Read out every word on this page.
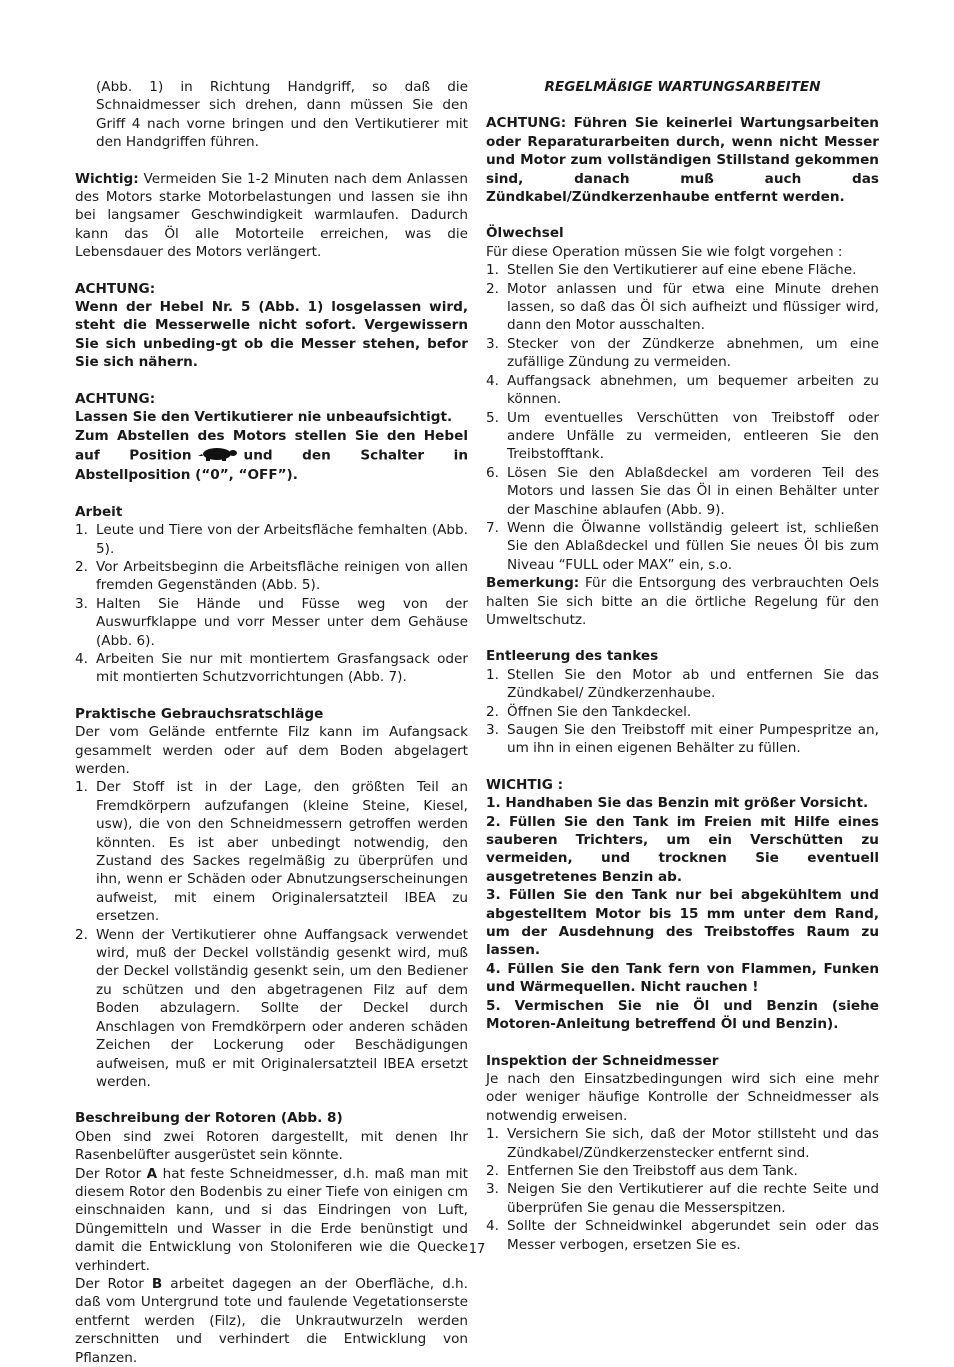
(Abb. 1) in Richtung Handgriff, so daß die Schnaidmesser sich drehen, dann müssen Sie den Griff 4 nach vorne bringen und den Vertikutierer mit den Handgriffen führen.

Wichtig: Vermeiden Sie 1-2 Minuten nach dem Anlassen des Motors starke Motorbelastungen und lassen sie ihn bei langsamer Geschwindigkeit warmlaufen. Dadurch kann das Öl alle Motorteile erreichen, was die Lebensdauer des Motors verlängert.

ACHTUNG:

Wenn der Hebel Nr. 5 (Abb. 1) losgelassen wird, steht die Messerwelle nicht sofort. Vergewissern Sie sich unbeding-gt ob die Messer stehen, befor Sie sich nähern.

ACHTUNG:

Lassen Sie den Vertikutierer nie unbeaufsichtigt.

Zum Abstellen des Motors stellen Sie den Hebel auf Position	und den Schalter in Abstellposition (“0”, “OFF”).

Arbeit

1. Leute und Tiere von der Arbeitsfläche femhalten (Abb. 5).
2. Vor Arbeitsbeginn die Arbeitsfläche reinigen von allen fremden Gegenständen (Abb. 5).
3. Halten Sie Hände und Füsse weg von der Auswurfklappe und vorr Messer unter dem Gehäuse (Abb. 6).
4. Arbeiten Sie nur mit montiertem Grasfangsack oder mit montierten Schutzvorrichtungen (Abb. 7).

Praktische Gebrauchsratschläge

Der vom Gelände entfernte Filz kann im Aufangsack gesammelt werden oder auf dem Boden abgelagert werden.

1. Der Stoff ist in der Lage, den größten Teil an Fremdkörpern aufzufangen (kleine Steine, Kiesel, usw), die von den Schneidmessern getroffen werden könnten. Es ist aber unbedingt notwendig, den Zustand des Sackes regelmäßig zu überprüfen und ihn, wenn er Schäden oder Abnutzungserscheinungen aufweist, mit einem Originalersatzteil IBEA zu ersetzen.
2. Wenn der Vertikutierer ohne Auffangsack verwendet wird, muß der Deckel vollständig gesenkt wird, muß der Deckel vollständig gesenkt sein, um den Bediener zu schützen und den abgetragenen Filz auf dem Boden abzulagern. Sollte der Deckel durch Anschlagen von Fremdkörpern oder anderen schäden Zeichen der Lockerung oder Beschädigungen aufweisen, muß er mit Originalersatzteil IBEA ersetzt werden.

Beschreibung der Rotoren (Abb. 8)

Oben sind zwei Rotoren dargestellt, mit denen Ihr Rasenbelüfter ausgerüstet sein könnte.

Der Rotor A hat feste Schneidmesser, d.h. maß man mit diesem Rotor den Bodenbis zu einer Tiefe von einigen cm einschnaiden kann, und si das Eindringen von Luft, Düngemitteln und Wasser in die Erde benünstigt und damit die Entwicklung von Stoloniferen wie die Quecke verhindert.

Der Rotor B arbeitet dagegen an der Oberfläche, d.h. daß vom Untergrund tote und faulende Vegetationserste entfernt werden (Filz), die Unkrautwurzeln werden zerschnitten und verhindert die Entwicklung von Pflanzen.

REGELMÄßIGE WARTUNGSARBEITEN

ACHTUNG: Führen Sie keinerlei Wartungsarbeiten oder Reparaturarbeiten durch, wenn nicht Messer und Motor zum vollständigen Stillstand gekommen sind, danach muß auch das Zündkabel/Zündkerzenhaube entfernt werden.

Ölwechsel

Für diese Operation müssen Sie wie folgt vorgehen :

1. Stellen Sie den Vertikutierer auf eine ebene Fläche.
2. Motor anlassen und für etwa eine Minute drehen lassen, so daß das Öl sich aufheizt und flüssiger wird, dann den Motor ausschalten.
3. Stecker von der Zündkerze abnehmen, um eine zufällige Zündung zu vermeiden.
4. Auffangsack abnehmen, um bequemer arbeiten zu können.
5. Um eventuelles Verschütten von Treibstoff oder andere Unfälle zu vermeiden, entleeren Sie den Treibstofftank.
6. Lösen Sie den Ablaßdeckel am vorderen Teil des Motors und lassen Sie das Öl in einen Behälter unter der Maschine ablaufen (Abb. 9).
7. Wenn die Ölwanne vollständig geleert ist, schließen Sie den Ablaßdeckel und füllen Sie neues Öl bis zum Niveau “FULL oder MAX” ein, s.o.

Bemerkung: Für die Entsorgung des verbrauchten Oels halten Sie sich bitte an die örtliche Regelung für den Umweltschutz.

Entleerung des tankes

1. Stellen Sie den Motor ab und entfernen Sie das Zündkabel/ Zündkerzenhaube.
2. Öffnen Sie den Tankdeckel.
3. Saugen Sie den Treibstoff mit einer Pumpespritze an, um ihn in einen eigenen Behälter zu füllen.

WICHTIG :

1. Handhaben Sie das Benzin mit größer Vorsicht.

2. Füllen Sie den Tank im Freien mit Hilfe eines sauberen Trichters, um ein Verschütten zu vermeiden, und trocknen Sie eventuell ausgetretenes Benzin ab.

3. Füllen Sie den Tank nur bei abgekühltem und abgestelltem Motor bis 15 mm unter dem Rand, um der Ausdehnung des Treibstoffes Raum zu lassen.

4. Füllen Sie den Tank fern von Flammen, Funken und Wärmequellen. Nicht rauchen !

5. Vermischen Sie nie Öl und Benzin (siehe Motoren-Anleitung betreffend Öl und Benzin).

Inspektion der Schneidmesser

Je nach den Einsatzbedingungen wird sich eine mehr oder weniger häufige Kontrolle der Schneidmesser als notwendig erweisen.

1. Versichern Sie sich, daß der Motor stillsteht und das Zündkabel/Zündkerzenstecker entfernt sind.
2. Entfernen Sie den Treibstoff aus dem Tank.
3. Neigen Sie den Vertikutierer auf die rechte Seite und überprüfen Sie genau die Messerspitzen.
4. Sollte der Schneidwinkel abgerundet sein oder das Messer verbogen, ersetzen Sie es.
17
